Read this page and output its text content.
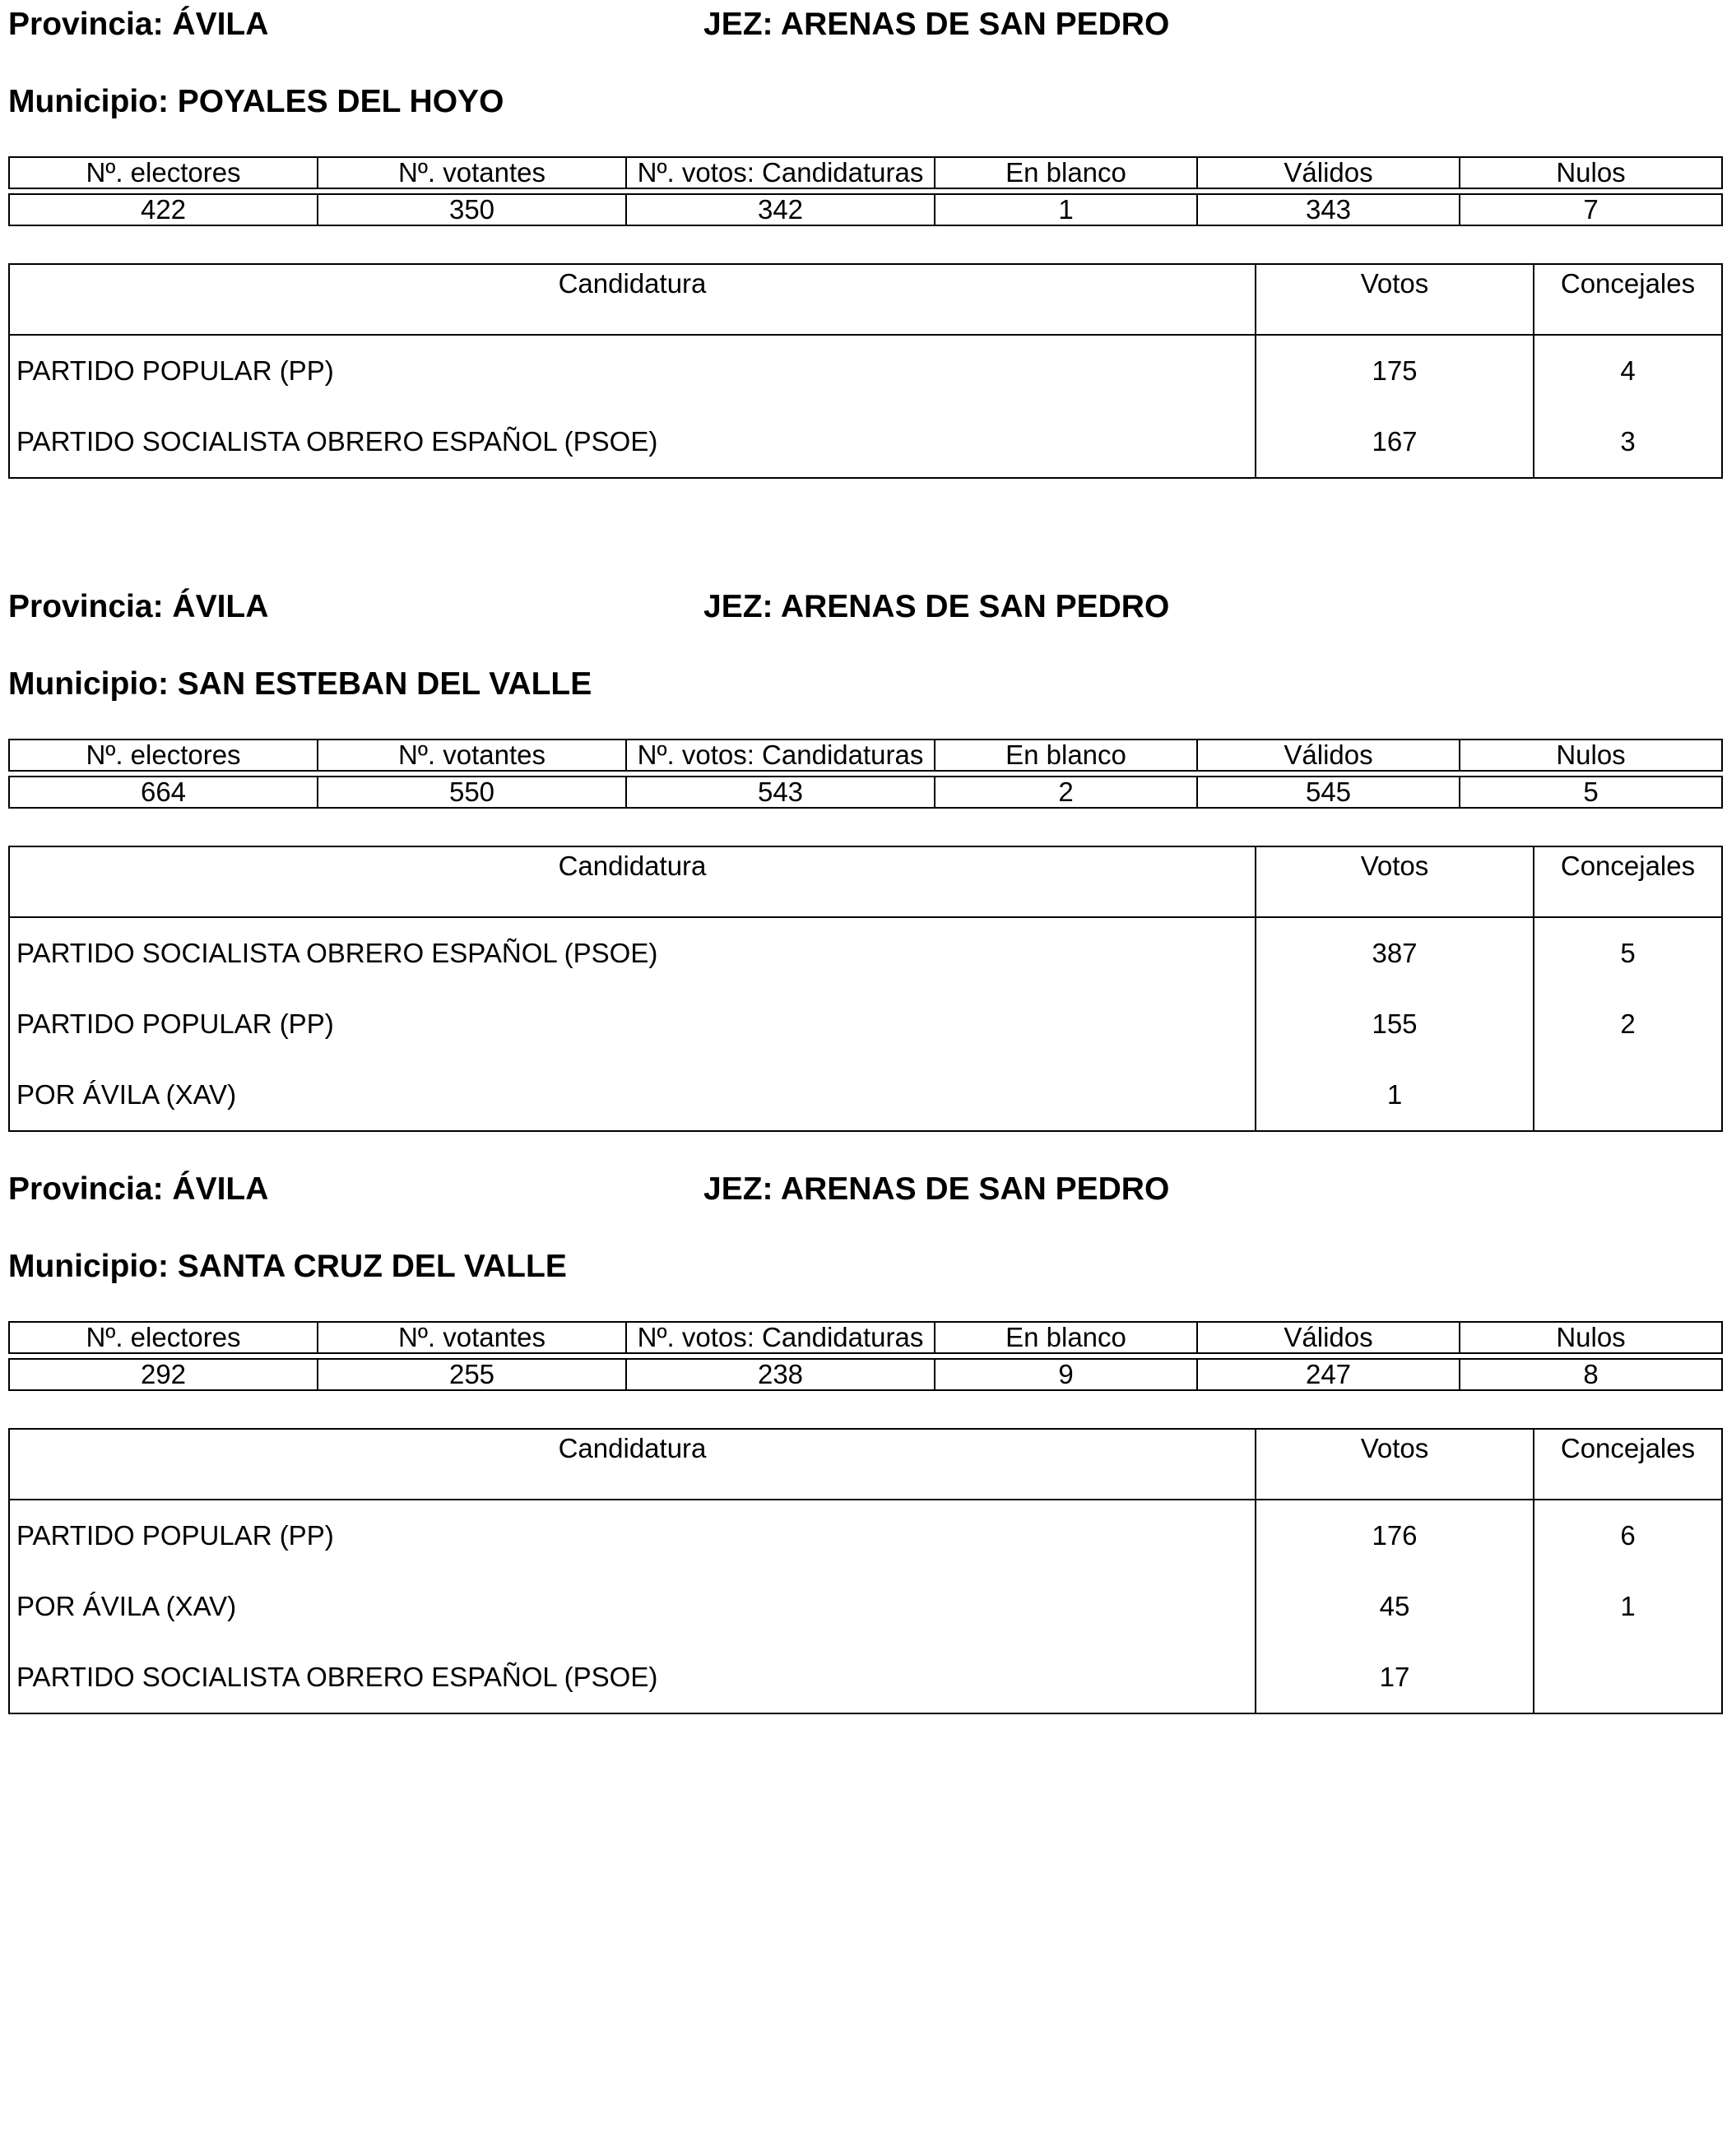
Provincia: ÁVILA	JEZ: ARENAS DE SAN PEDRO
Municipio: POYALES DEL HOYO
Nº. electores	Nº. votantes	Nº. votos: Candidaturas	En blanco	Válidos	Nulos

422	350	342	1	343	7
Candidatura	Votos	Concejales
PARTIDO POPULAR (PP)	175	4
PARTIDO SOCIALISTA OBRERO ESPAÑOL (PSOE)	167	3
Provincia: ÁVILA	JEZ: ARENAS DE SAN PEDRO
Municipio: SAN ESTEBAN DEL VALLE
Nº. electores	Nº. votantes	Nº. votos: Candidaturas	En blanco	Válidos	Nulos

664	550	543	2	545	5
Candidatura	Votos	Concejales
PARTIDO SOCIALISTA OBRERO ESPAÑOL (PSOE)	387	5
PARTIDO POPULAR (PP)	155	2
POR ÁVILA (XAV)	1	
Provincia: ÁVILA	JEZ: ARENAS DE SAN PEDRO
Municipio: SANTA CRUZ DEL VALLE
Nº. electores	Nº. votantes	Nº. votos: Candidaturas	En blanco	Válidos	Nulos

292	255	238	9	247	8
Candidatura	Votos	Concejales
PARTIDO POPULAR (PP)	176	6
POR ÁVILA (XAV)	45	1
PARTIDO SOCIALISTA OBRERO ESPAÑOL (PSOE)	17	
